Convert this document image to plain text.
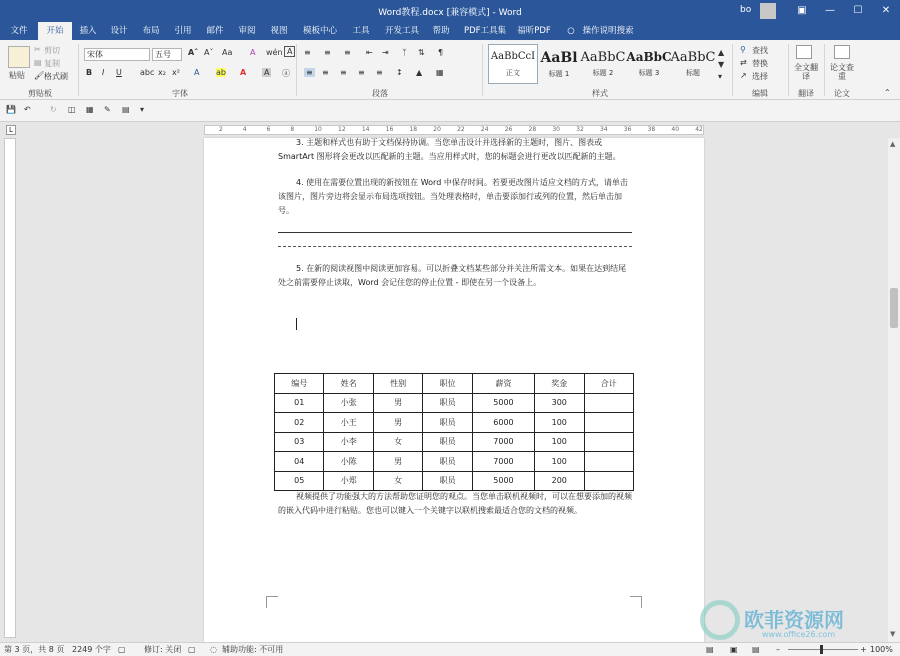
Word教程.docx [兼容模式] - Word	bo	▣	—	☐	✕
文件	开始	插入	设计	布局	引用	邮件	审阅	视图	模板中心	工具	开发工具	帮助	PDF工具集	福昕PDF	○ 操作说明搜索
粘贴
✂ 剪切
▤ 复制
🖌 格式刷
剪贴板
宋体	五号	Aˆ Aˇ Aa A wén A
B I U abc x₂ x² A ab A A ⓐ
字体
≡ ≡ ≡ ⇤ ⇥ ᛉ ⇅ ¶
≡ ≡ ≡ ≡ ≡ ↕ ▲ ▦
段落
AaBbCcI
正文
AaBl
标题 1
AaBbC
标题 2
AaBbC
标题 3
AaBbC
标题
▲
▼
▾
样式
⚲ 查找
⇄ 替换
↗ 选择
编辑
全文翻译
翻译
论文查重
论文	⌃
💾 ↶ ↻ ◫ ▦ ✎ ▤ ▾
L	2	4	6	8	10	12	14	16	18	20	22	24	26	28	30	32	34	36	38	40	42
3. 主题和样式也有助于文档保持协调。当您单击设计并选择新的主题时，图片、图表或 SmartArt 图形将会更改以匹配新的主题。当应用样式时，您的标题会进行更改以匹配新的主题。
4. 使用在需要位置出现的新按钮在 Word 中保存时间。若要更改图片适应文档的方式，请单击该图片，图片旁边将会显示布局选项按钮。当处理表格时，单击要添加行或列的位置，然后单击加号。
5. 在新的阅读视图中阅读更加容易。可以折叠文档某些部分并关注所需文本。如果在达到结尾处之前需要停止读取，Word 会记住您的停止位置 - 即使在另一个设备上。
编号	姓名	性别	职位	薪资	奖金	合计
01	小张	男	职员	5000	300	
02	小王	男	职员	6000	100	
03	小李	女	职员	7000	100	
04	小陈	男	职员	7000	100	
05	小郑	女	职员	5000	200	
视频提供了功能强大的方法帮助您证明您的观点。当您单击联机视频时，可以在想要添加的视频的嵌入代码中进行粘贴。您也可以键入一个关键字以联机搜索最适合您的文档的视频。
▲
▼
欧菲资源网
www.office26.com
第 3 页，共 8 页 2249 个字 ▢ 修订: 关闭 ▢ ◌ 辅助功能: 不可用	▤ ▣ ▤ –	+ 100%
